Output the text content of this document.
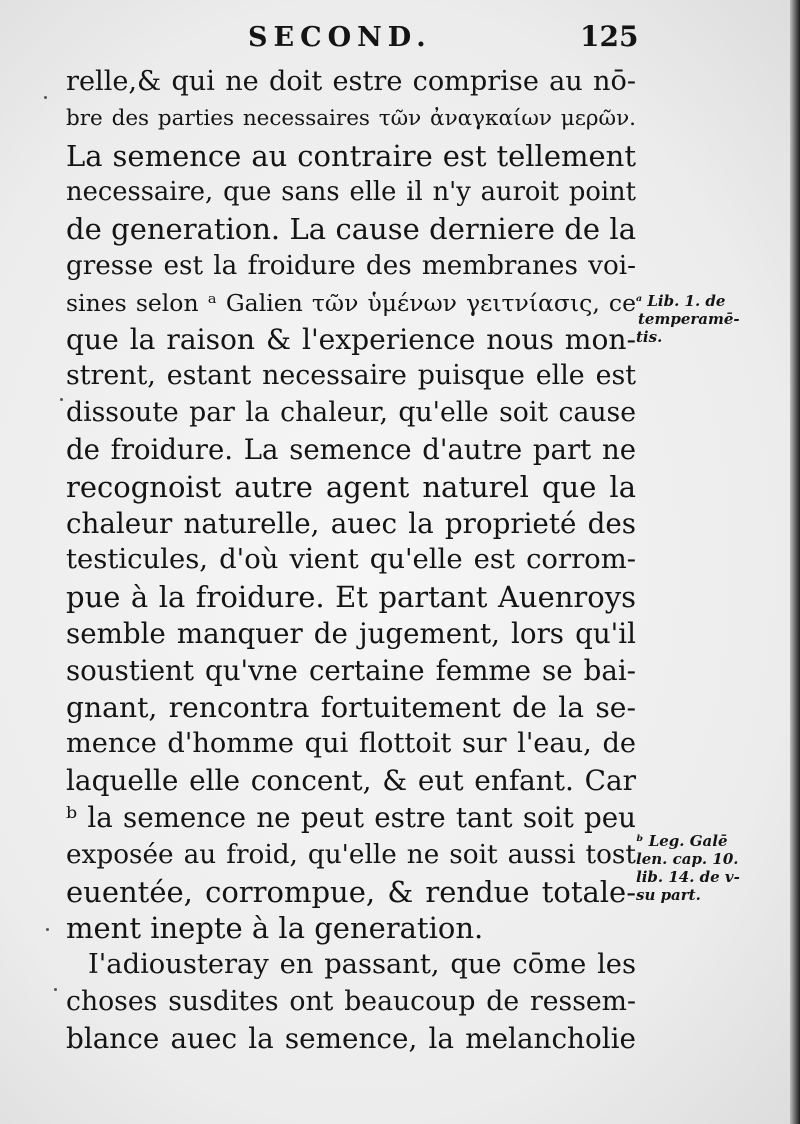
SECOND.	125
relle,& qui ne doit estre comprise au nō-
bre des parties necessaires τῶν ἀναγκαίων μερῶν.
La semence au contraire est tellement
necessaire, que sans elle il n'y auroit point
de generation. La cause derniere de la
gresse est la froidure des membranes voi-
sines selon ᵃ Galien τῶν ὑμένων γειτνίασις, ce
que la raison & l'experience nous mon-
strent, estant necessaire puisque elle est
dissoute par la chaleur, qu'elle soit cause
de froidure. La semence d'autre part ne
recognoist autre agent naturel que la
chaleur naturelle, auec la proprieté des
testicules, d'où vient qu'elle est corrom-
pue à la froidure. Et partant Auenroys
semble manquer de jugement, lors qu'il
soustient qu'vne certaine femme se bai-
gnant, rencontra fortuitement de la se-
mence d'homme qui flottoit sur l'eau, de
laquelle elle concent, & eut enfant. Car
ᵇ la semence ne peut estre tant soit peu
exposée au froid, qu'elle ne soit aussi tost
euentée, corrompue, & rendue totale-
ment inepte à la generation.
I'adiousteray en passant, que cōme les
choses susdites ont beaucoup de ressem-
blance auec la semence, la melancholie
ᵃ Lib. 1. de
temperamē-
tis.
ᵇ Leg. Galē
len. cap. 10.
lib. 14. de v-
su part.
